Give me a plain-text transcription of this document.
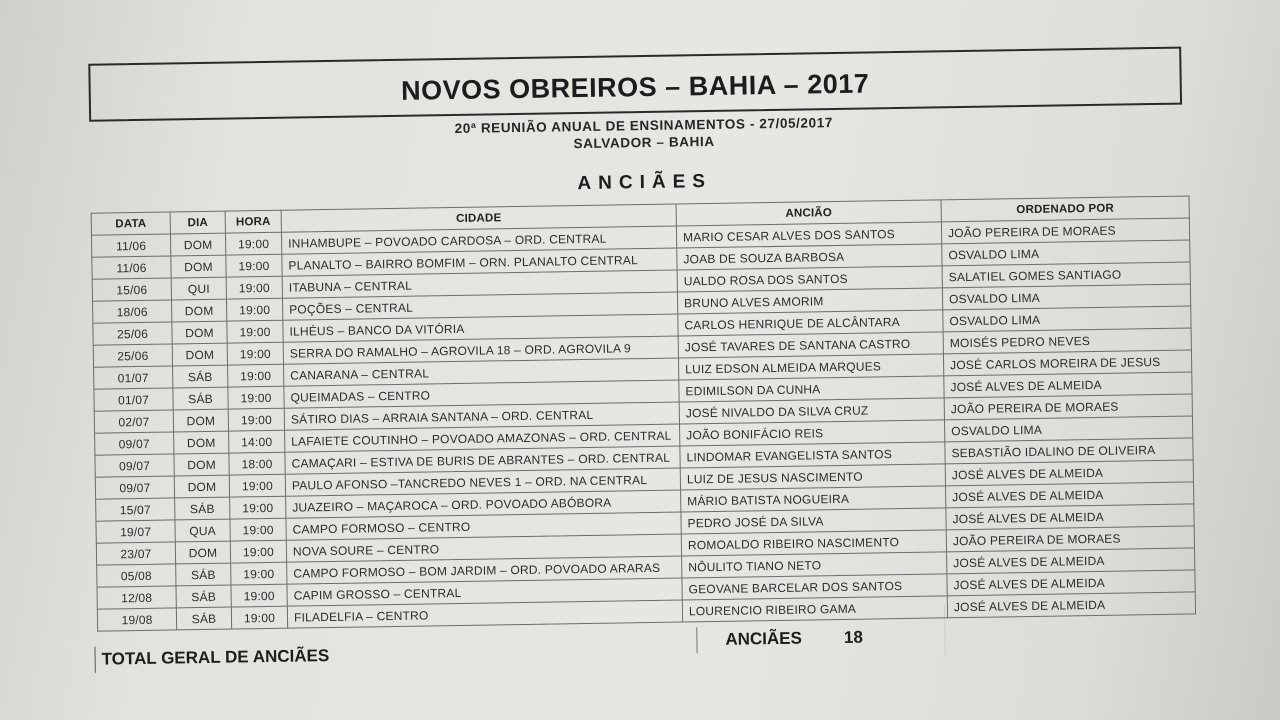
NOVOS OBREIROS – BAHIA – 2017
20ª REUNIÃO ANUAL DE ENSINAMENTOS - 27/05/2017
SALVADOR – BAHIA
ANCIÃES
DATA	DIA	HORA	CIDADE	ANCIÃO	ORDENADO POR
11/06	DOM	19:00	INHAMBUPE – POVOADO CARDOSA – ORD. CENTRAL	MARIO CESAR ALVES DOS SANTOS	JOÃO PEREIRA DE MORAES
11/06	DOM	19:00	PLANALTO – BAIRRO BOMFIM – ORN. PLANALTO CENTRAL	JOAB DE SOUZA BARBOSA	OSVALDO LIMA
15/06	QUI	19:00	ITABUNA – CENTRAL	UALDO ROSA DOS SANTOS	SALATIEL GOMES SANTIAGO
18/06	DOM	19:00	POÇÕES – CENTRAL	BRUNO ALVES AMORIM	OSVALDO LIMA
25/06	DOM	19:00	ILHÉUS – BANCO DA VITÓRIA	CARLOS HENRIQUE DE ALCÂNTARA	OSVALDO LIMA
25/06	DOM	19:00	SERRA DO RAMALHO – AGROVILA 18 – ORD. AGROVILA 9	JOSÉ TAVARES DE SANTANA CASTRO	MOISÉS PEDRO NEVES
01/07	SÁB	19:00	CANARANA – CENTRAL	LUIZ EDSON ALMEIDA MARQUES	JOSÉ CARLOS MOREIRA DE JESUS
01/07	SÁB	19:00	QUEIMADAS – CENTRO	EDIMILSON DA CUNHA	JOSÉ ALVES DE ALMEIDA
02/07	DOM	19:00	SÁTIRO DIAS – ARRAIA SANTANA – ORD. CENTRAL	JOSÉ NIVALDO DA SILVA CRUZ	JOÃO PEREIRA DE MORAES
09/07	DOM	14:00	LAFAIETE COUTINHO – POVOADO AMAZONAS – ORD. CENTRAL	JOÃO BONIFÁCIO REIS	OSVALDO LIMA
09/07	DOM	18:00	CAMAÇARI – ESTIVA DE BURIS DE ABRANTES – ORD. CENTRAL	LINDOMAR EVANGELISTA SANTOS	SEBASTIÃO IDALINO DE OLIVEIRA
09/07	DOM	19:00	PAULO AFONSO –TANCREDO NEVES 1 – ORD. NA CENTRAL	LUIZ DE JESUS NASCIMENTO	JOSÉ ALVES DE ALMEIDA
15/07	SÁB	19:00	JUAZEIRO – MAÇAROCA – ORD. POVOADO ABÓBORA	MÁRIO BATISTA NOGUEIRA	JOSÉ ALVES DE ALMEIDA
19/07	QUA	19:00	CAMPO FORMOSO – CENTRO	PEDRO JOSÉ DA SILVA	JOSÉ ALVES DE ALMEIDA
23/07	DOM	19:00	NOVA SOURE – CENTRO	ROMOALDO RIBEIRO NASCIMENTO	JOÃO PEREIRA DE MORAES
05/08	SÁB	19:00	CAMPO FORMOSO – BOM JARDIM – ORD. POVOADO ARARAS	NÔULITO TIANO NETO	JOSÉ ALVES DE ALMEIDA
12/08	SÁB	19:00	CAPIM GROSSO – CENTRAL	GEOVANE BARCELAR DOS SANTOS	JOSÉ ALVES DE ALMEIDA
19/08	SÁB	19:00	FILADELFIA – CENTRO	LOURENCIO RIBEIRO GAMA	JOSÉ ALVES DE ALMEIDA
TOTAL GERAL DE ANCIÃES
ANCIÃES 18
